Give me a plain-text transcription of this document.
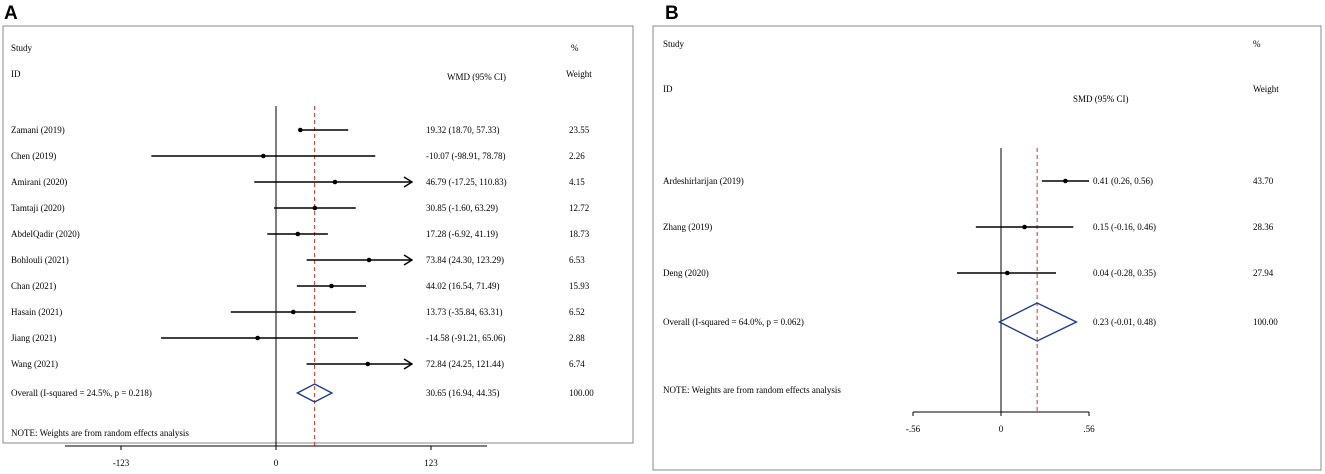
A
Study
ID	WMD (95% CI)
%
Weight
Zamani (2019)	19.32 (18.70, 57.33)	23.55
Chen (2019)	-10.07 (-98.91, 78.78)	2.26
Amirani (2020)	46.79 (-17.25, 110.83)	4.15
Tamtaji (2020)	30.85 (-1.60, 63.29)	12.72
AbdelQadir (2020)	17.28 (-6.92, 41.19)	18.73
Bohlouli (2021)	73.84 (24.30, 123.29)	6.53
Chan (2021)	44.02 (16.54, 71.49)	15.93
Hasain (2021)	13.73 (-35.84, 63.31)	6.52
Jiang (2021)	-14.58 (-91.21, 65.06)	2.88
Wang (2021)	72.84 (24.25, 121.44)	6.74
Overall (I-squared = 24.5%, p = 0.218)	30.65 (16.94, 44.35)	100.00
NOTE: Weights are from random effects analysis
-123	0	123
B
Study
ID
SMD (95% CI)
%
Weight
Ardeshirlarijan (2019)	0.41 (0.26, 0.56)	43.70
Zhang (2019)	0.15 (-0.16, 0.46)	28.36
Deng (2020)	0.04 (-0.28, 0.35)	27.94
Overall (I-squared = 64.0%, p = 0.062)	0.23 (-0.01, 0.48)	100.00
NOTE: Weights are from random effects analysis
-.56	0	.56
